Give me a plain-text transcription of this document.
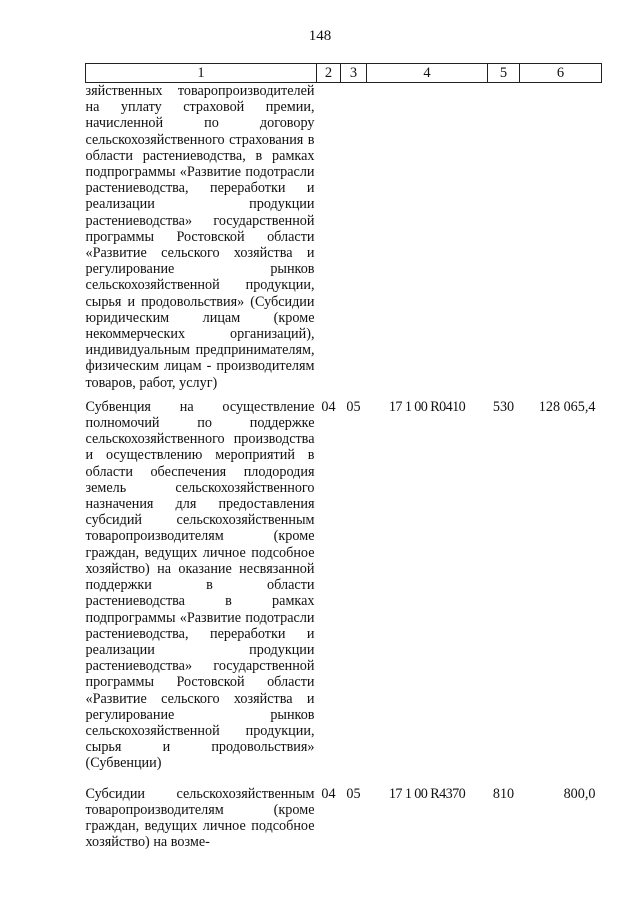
148
1	2	3	4	5	6
зяйственных товаропроизводителей на уплату страховой премии, начисленной по договору сельскохозяйственного страхования в области растениеводства, в рамках подпрограммы «Развитие подотрасли растениеводства, переработки и реализации продукции растениеводства» государственной программы Ростовской области «Развитие сельского хозяйства и регулирование рынков сельскохозяйственной продукции, сырья и продовольствия» (Субсидии юридическим лицам (кроме некоммерческих организаций), индивидуальным предпринимателям, физическим лицам - производителям товаров, работ, услуг)					
Субвенция на осуществление полномочий по поддержке сельскохозяйственного производства и осуществлению мероприятий в области обеспечения плодородия земель сельскохозяйственного назначения для предоставления субсидий сельскохозяйственным товаропроизводителям (кроме граждан, ведущих личное подсобное хозяйство) на оказание несвязанной поддержки в области растениеводства в рамках подпрограммы «Развитие подотрасли растениеводства, переработки и реализации продукции растениеводства» государственной программы Ростовской области «Развитие сельского хозяйства и регулирование рынков сельскохозяйственной продукции, сырья и продовольствия» (Субвенции)	04	05	17 1 00 R0410	530	128 065,4
Субсидии сельскохозяйственным товаропроизводителям (кроме граждан, ведущих личное подсобное хозяйство) на возме-	04	05	17 1 00 R4370	810	800,0
